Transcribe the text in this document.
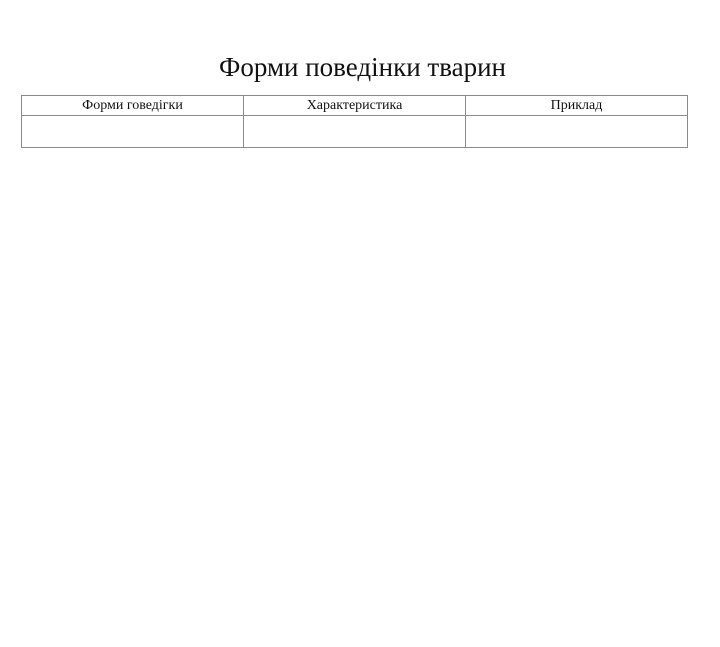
Форми поведінки тварин
Форми говедігки	Характеристика	Приклад
